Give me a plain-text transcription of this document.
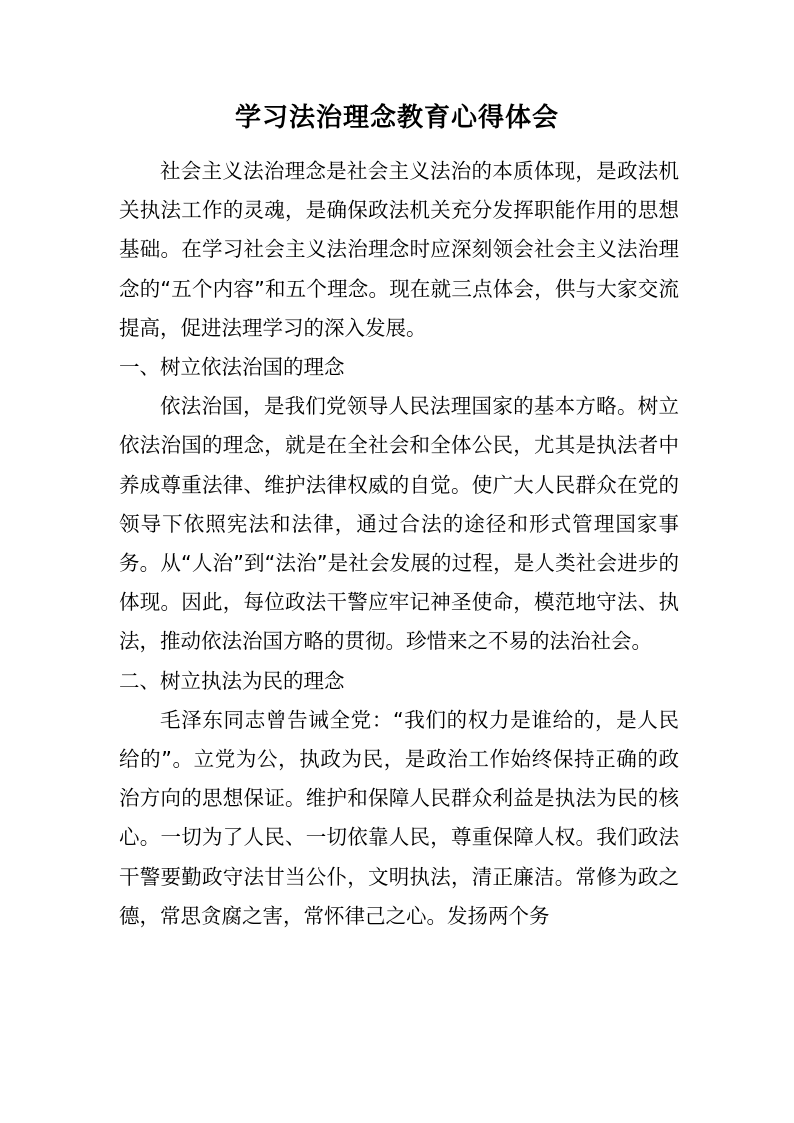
学习法治理念教育心得体会

社会主义法治理念是社会主义法治的本质体现，是政法机关执法工作的灵魂，是确保政法机关充分发挥职能作用的思想基础。在学习社会主义法治理念时应深刻领会社会主义法治理念的“五个内容”和五个理念。现在就三点体会，供与大家交流提高，促进法理学习的深入发展。

一、树立依法治国的理念

依法治国，是我们党领导人民法理国家的基本方略。树立依法治国的理念，就是在全社会和全体公民，尤其是执法者中养成尊重法律、维护法律权威的自觉。使广大人民群众在党的领导下依照宪法和法律，通过合法的途径和形式管理国家事务。从“人治”到“法治”是社会发展的过程，是人类社会进步的体现。因此，每位政法干警应牢记神圣使命，模范地守法、执法，推动依法治国方略的贯彻。珍惜来之不易的法治社会。

二、树立执法为民的理念

毛泽东同志曾告诫全党：“我们的权力是谁给的，是人民给的”。立党为公，执政为民，是政治工作始终保持正确的政治方向的思想保证。维护和保障人民群众利益是执法为民的核心。一切为了人民、一切依靠人民，尊重保障人权。我们政法干警要勤政守法甘当公仆，文明执法，清正廉洁。常修为政之德，常思贪腐之害，常怀律己之心。发扬两个务
